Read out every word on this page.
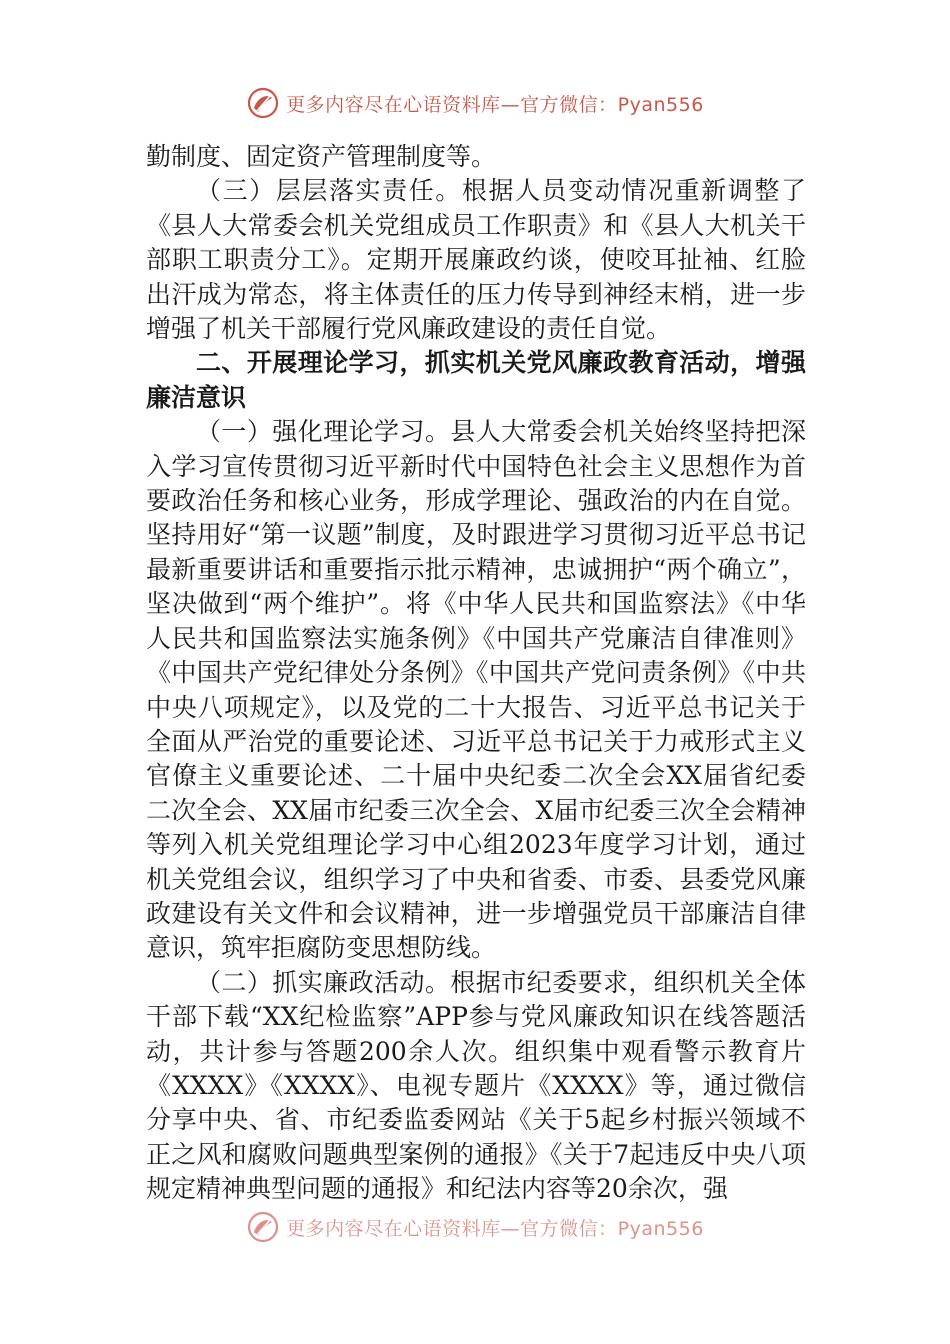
更多内容尽在心语资料库—官方微信：Pyan556

勤制度、固定资产管理制度等。

（三）层层落实责任。根据人员变动情况重新调整了《县人大常委会机关党组成员工作职责》和《县人大机关干部职工职责分工》。定期开展廉政约谈，使咬耳扯袖、红脸出汗成为常态，将主体责任的压力传导到神经末梢，进一步增强了机关干部履行党风廉政建设的责任自觉。

二、开展理论学习，抓实机关党风廉政教育活动，增强廉洁意识

（一）强化理论学习。县人大常委会机关始终坚持把深入学习宣传贯彻习近平新时代中国特色社会主义思想作为首要政治任务和核心业务，形成学理论、强政治的内在自觉。坚持用好“第一议题”制度，及时跟进学习贯彻习近平总书记最新重要讲话和重要指示批示精神，忠诚拥护“两个确立”，坚决做到“两个维护”。将《中华人民共和国监察法》《中华人民共和国监察法实施条例》《中国共产党廉洁自律准则》《中国共产党纪律处分条例》《中国共产党问责条例》《中共中央八项规定》，以及党的二十大报告、习近平总书记关于全面从严治党的重要论述、习近平总书记关于力戒形式主义官僚主义重要论述、二十届中央纪委二次全会XX届省纪委二次全会、XX届市纪委三次全会、X届市纪委三次全会精神等列入机关党组理论学习中心组2023年度学习计划，通过机关党组会议，组织学习了中央和省委、市委、县委党风廉政建设有关文件和会议精神，进一步增强党员干部廉洁自律意识，筑牢拒腐防变思想防线。

（二）抓实廉政活动。根据市纪委要求，组织机关全体干部下载“XX纪检监察”APP参与党风廉政知识在线答题活动，共计参与答题200余人次。组织集中观看警示教育片《XXXX》《XXXX》、电视专题片《XXXX》等，通过微信分享中央、省、市纪委监委网站《关于5起乡村振兴领域不正之风和腐败问题典型案例的通报》《关于7起违反中央八项规定精神典型问题的通报》和纪法内容等20余次，强

更多内容尽在心语资料库—官方微信：Pyan556
